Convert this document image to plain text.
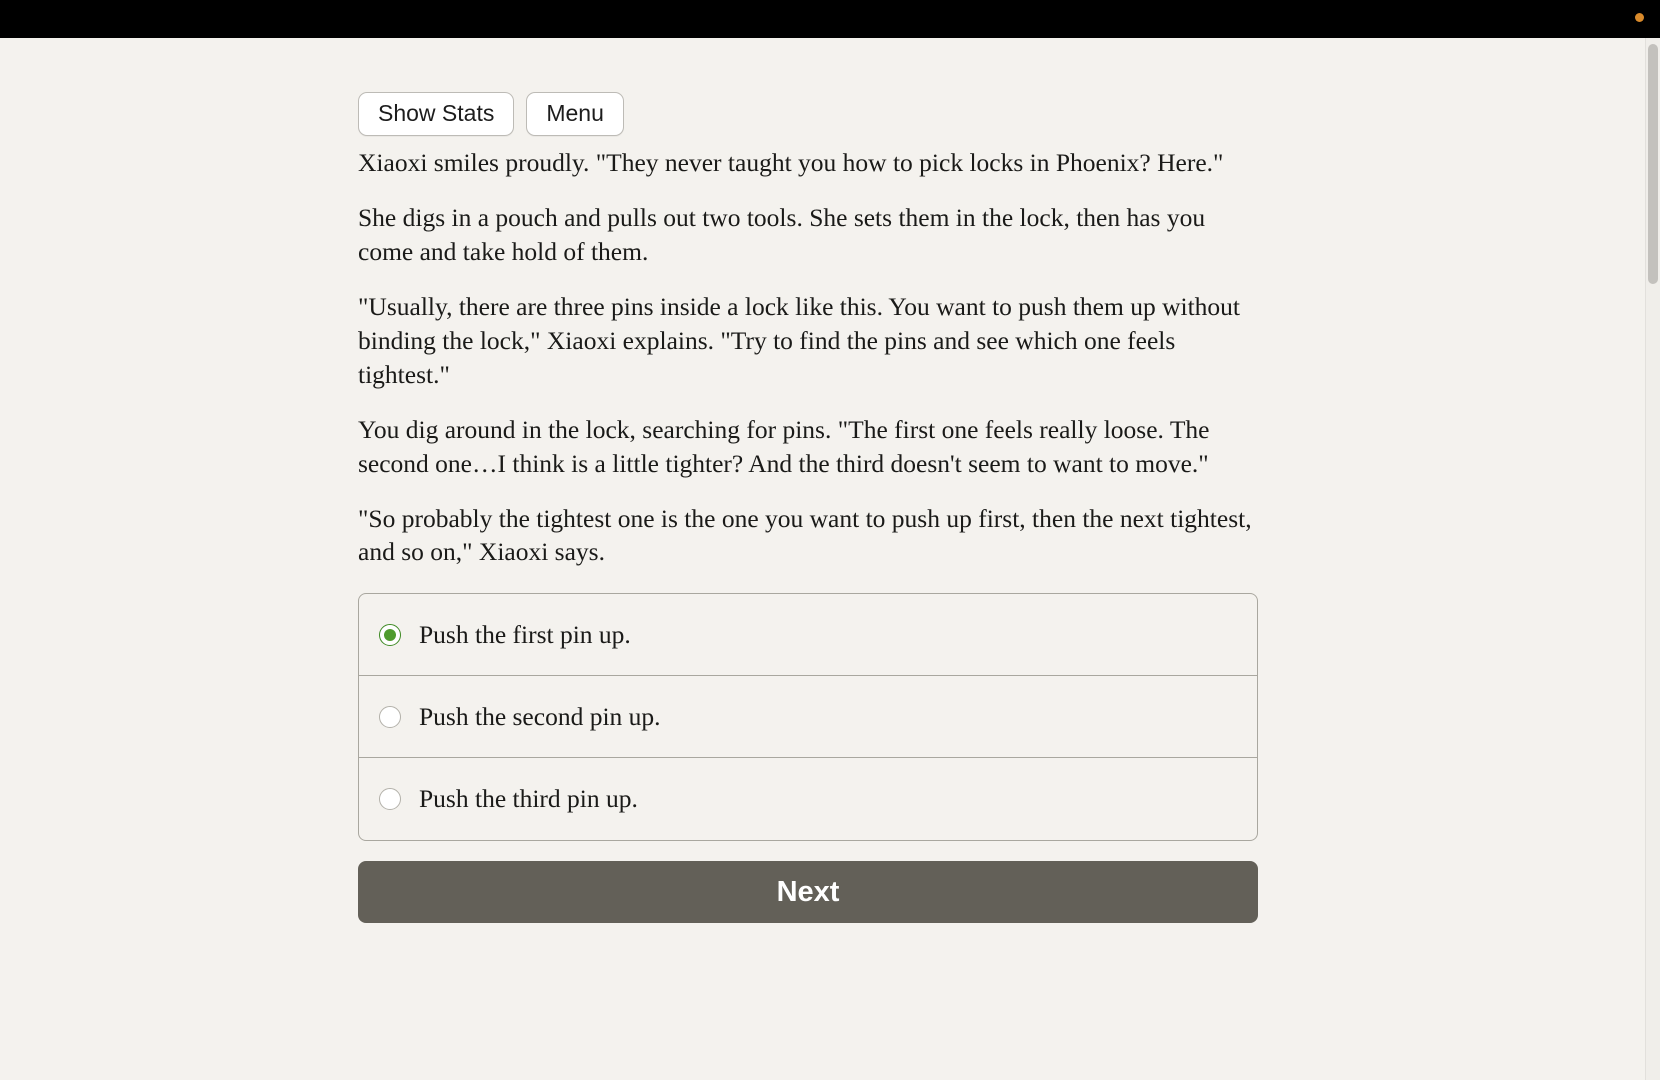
Show Stats	Menu

Xiaoxi smiles proudly. "They never taught you how to pick locks in Phoenix? Here."

She digs in a pouch and pulls out two tools. She sets them in the lock, then has you come and take hold of them.

"Usually, there are three pins inside a lock like this. You want to push them up without binding the lock," Xiaoxi explains. "Try to find the pins and see which one feels tightest."

You dig around in the lock, searching for pins. "The first one feels really loose. The second one…I think is a little tighter? And the third doesn't seem to want to move."

"So probably the tightest one is the one you want to push up first, then the next tightest, and so on," Xiaoxi says.

Push the first pin up.
Push the second pin up.
Push the third pin up.
Next
